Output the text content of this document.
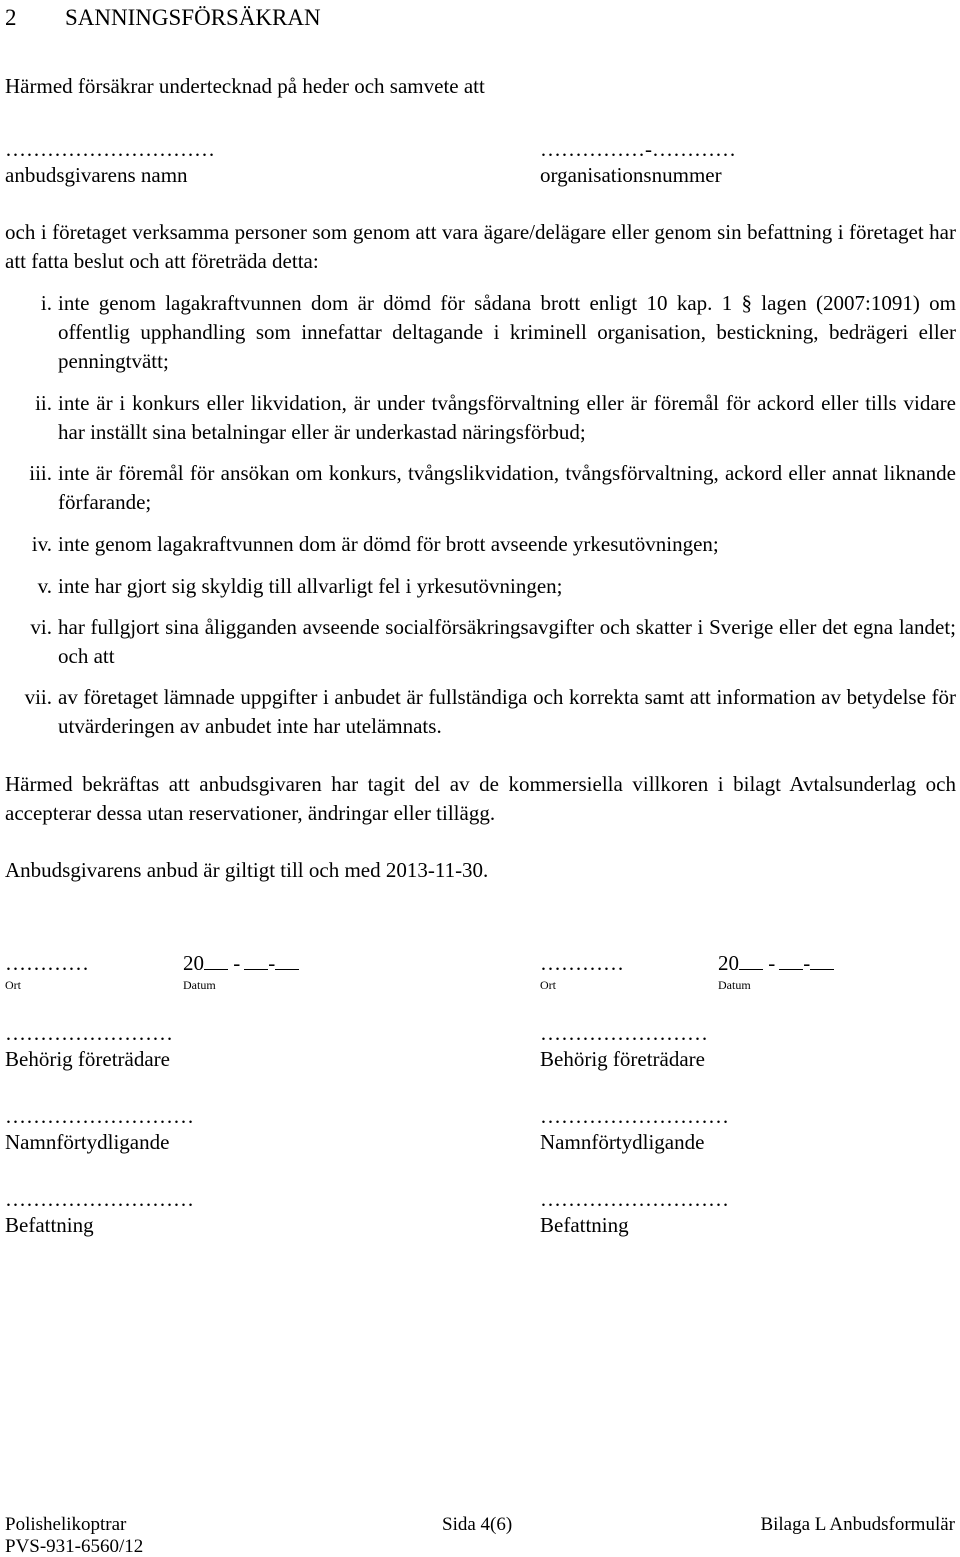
2 SANNINGSFÖRSÄKRAN
Härmed försäkrar undertecknad på heder och samvete att
…………………………
anbudsgivarens namn
……………-…………
organisationsnummer
och i företaget verksamma personer som genom att vara ägare/delägare eller genom sin befattning i företaget har att fatta beslut och att företräda detta:
i. inte genom lagakraftvunnen dom är dömd för sådana brott enligt 10 kap. 1 § lagen (2007:1091) om offentlig upphandling som innefattar deltagande i kriminell organisation, bestickning, bedrägeri eller penningtvätt;
ii. inte är i konkurs eller likvidation, är under tvångsförvaltning eller är föremål för ackord eller tills vidare har inställt sina betalningar eller är underkastad näringsförbud;
iii. inte är föremål för ansökan om konkurs, tvångslikvidation, tvångsförvaltning, ackord eller annat liknande förfarande;
iv. inte genom lagakraftvunnen dom är dömd för brott avseende yrkesutövningen;
v. inte har gjort sig skyldig till allvarligt fel i yrkesutövningen;
vi. har fullgjort sina åligganden avseende socialförsäkringsavgifter och skatter i Sverige eller det egna landet; och att
vii. av företaget lämnade uppgifter i anbudet är fullständiga och korrekta samt att information av betydelse för utvärderingen av anbudet inte har utelämnats.
Härmed bekräftas att anbudsgivaren har tagit del av de kommersiella villkoren i bilagt Avtalsunderlag och accepterar dessa utan reservationer, ändringar eller tillägg.
Anbudsgivarens anbud är giltigt till och med 2013-11-30.
…………	20 - -
Ort	Datum
……………………
Behörig företrädare
………………………
Namnförtydligande
………………………
Befattning
…………	20 - -
Ort	Datum
……………………
Behörig företrädare
………………………
Namnförtydligande
………………………
Befattning
Polishelikoptrar	Sida 4(6)	Bilaga L Anbudsformulär
PVS-931-6560/12
